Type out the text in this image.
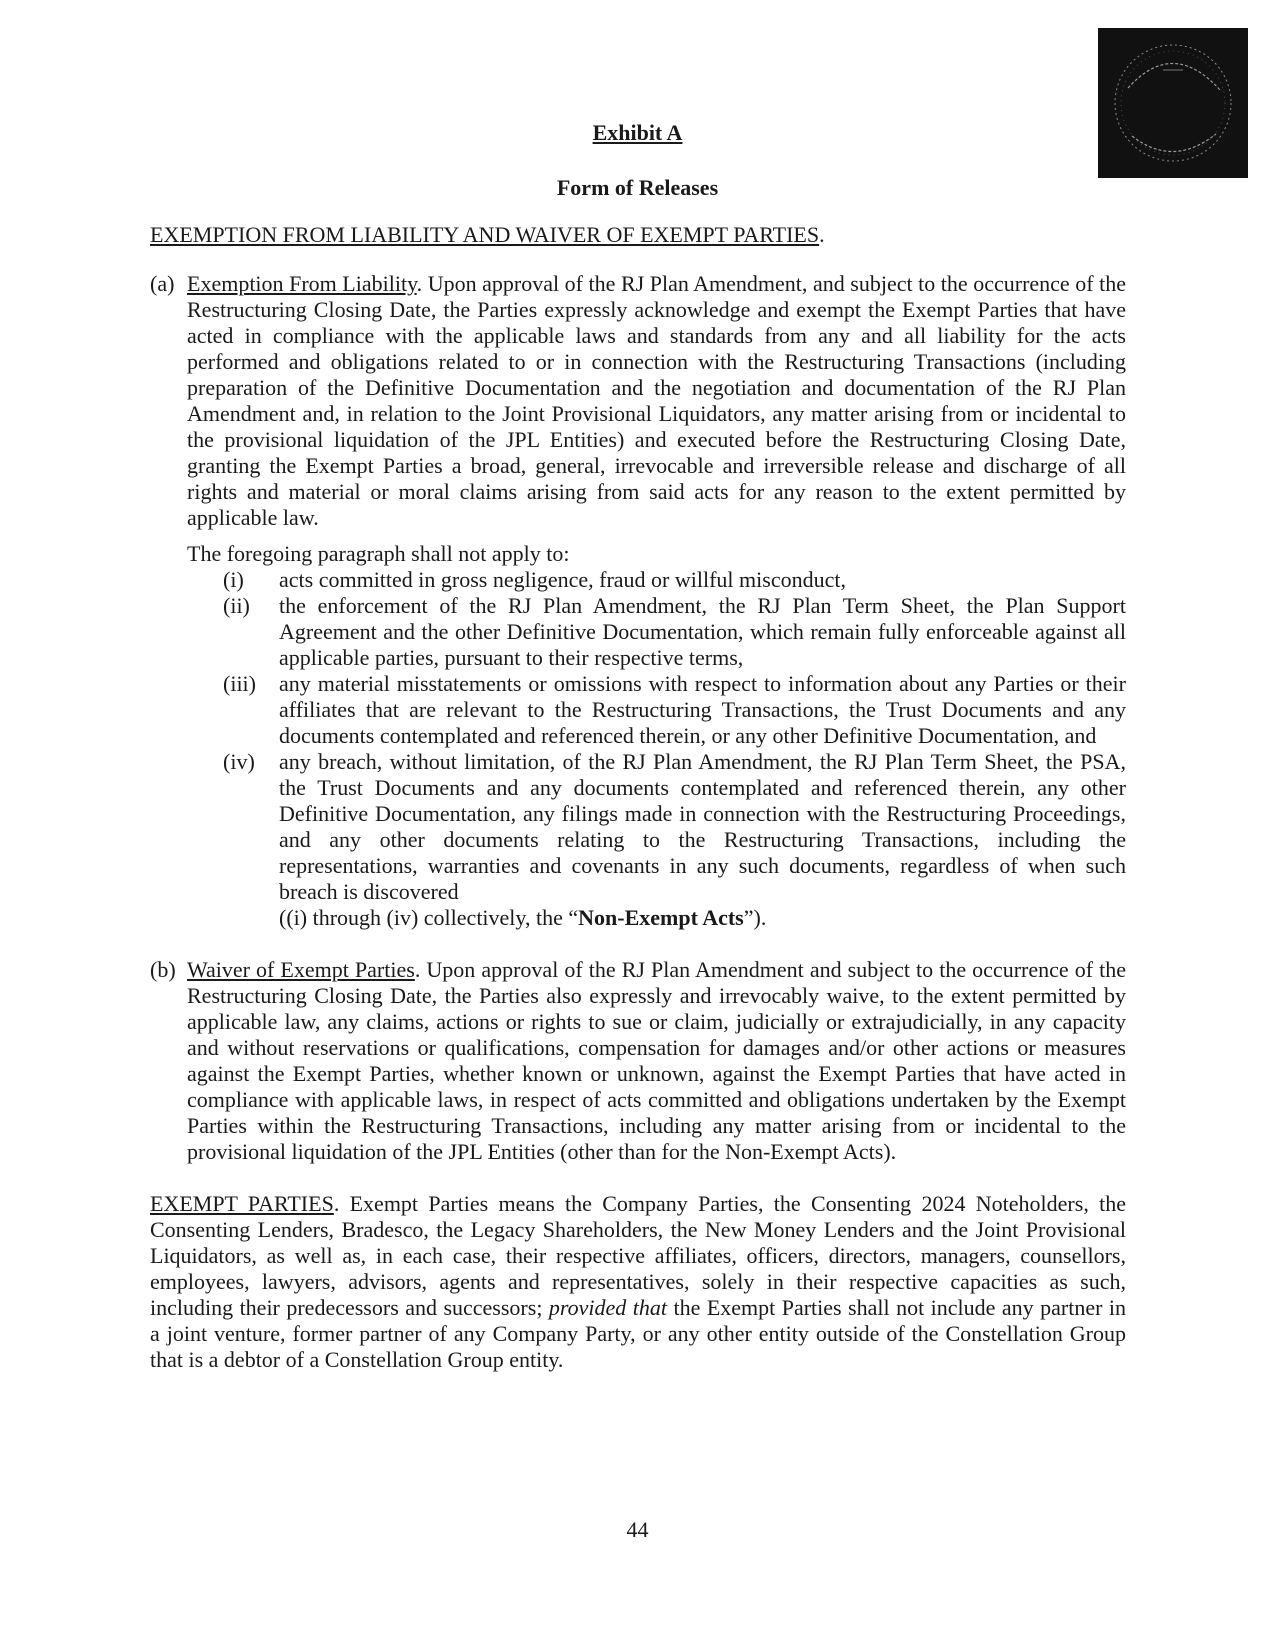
Exhibit A
Form of Releases

EXEMPTION FROM LIABILITY AND WAIVER OF EXEMPT PARTIES.

(a) Exemption From Liability. Upon approval of the RJ Plan Amendment, and subject to the occurrence of the Restructuring Closing Date, the Parties expressly acknowledge and exempt the Exempt Parties that have acted in compliance with the applicable laws and standards from any and all liability for the acts performed and obligations related to or in connection with the Restructuring Transactions (including preparation of the Definitive Documentation and the negotiation and documentation of the RJ Plan Amendment and, in relation to the Joint Provisional Liquidators, any matter arising from or incidental to the provisional liquidation of the JPL Entities) and executed before the Restructuring Closing Date, granting the Exempt Parties a broad, general, irrevocable and irreversible release and discharge of all rights and material or moral claims arising from said acts for any reason to the extent permitted by applicable law.

The foregoing paragraph shall not apply to:

(i) acts committed in gross negligence, fraud or willful misconduct,
(ii) the enforcement of the RJ Plan Amendment, the RJ Plan Term Sheet, the Plan Support Agreement and the other Definitive Documentation, which remain fully enforceable against all applicable parties, pursuant to their respective terms,
(iii) any material misstatements or omissions with respect to information about any Parties or their affiliates that are relevant to the Restructuring Transactions, the Trust Documents and any documents contemplated and referenced therein, or any other Definitive Documentation, and
(iv) any breach, without limitation, of the RJ Plan Amendment, the RJ Plan Term Sheet, the PSA, the Trust Documents and any documents contemplated and referenced therein, any other Definitive Documentation, any filings made in connection with the Restructuring Proceedings, and any other documents relating to the Restructuring Transactions, including the representations, warranties and covenants in any such documents, regardless of when such breach is discovered

((i) through (iv) collectively, the “Non-Exempt Acts”).

(b) Waiver of Exempt Parties. Upon approval of the RJ Plan Amendment and subject to the occurrence of the Restructuring Closing Date, the Parties also expressly and irrevocably waive, to the extent permitted by applicable law, any claims, actions or rights to sue or claim, judicially or extrajudicially, in any capacity and without reservations or qualifications, compensation for damages and/or other actions or measures against the Exempt Parties, whether known or unknown, against the Exempt Parties that have acted in compliance with applicable laws, in respect of acts committed and obligations undertaken by the Exempt Parties within the Restructuring Transactions, including any matter arising from or incidental to the provisional liquidation of the JPL Entities (other than for the Non-Exempt Acts).

EXEMPT PARTIES. Exempt Parties means the Company Parties, the Consenting 2024 Noteholders, the Consenting Lenders, Bradesco, the Legacy Shareholders, the New Money Lenders and the Joint Provisional Liquidators, as well as, in each case, their respective affiliates, officers, directors, managers, counsellors, employees, lawyers, advisors, agents and representatives, solely in their respective capacities as such, including their predecessors and successors; provided that the Exempt Parties shall not include any partner in a joint venture, former partner of any Company Party, or any other entity outside of the Constellation Group that is a debtor of a Constellation Group entity.

44
